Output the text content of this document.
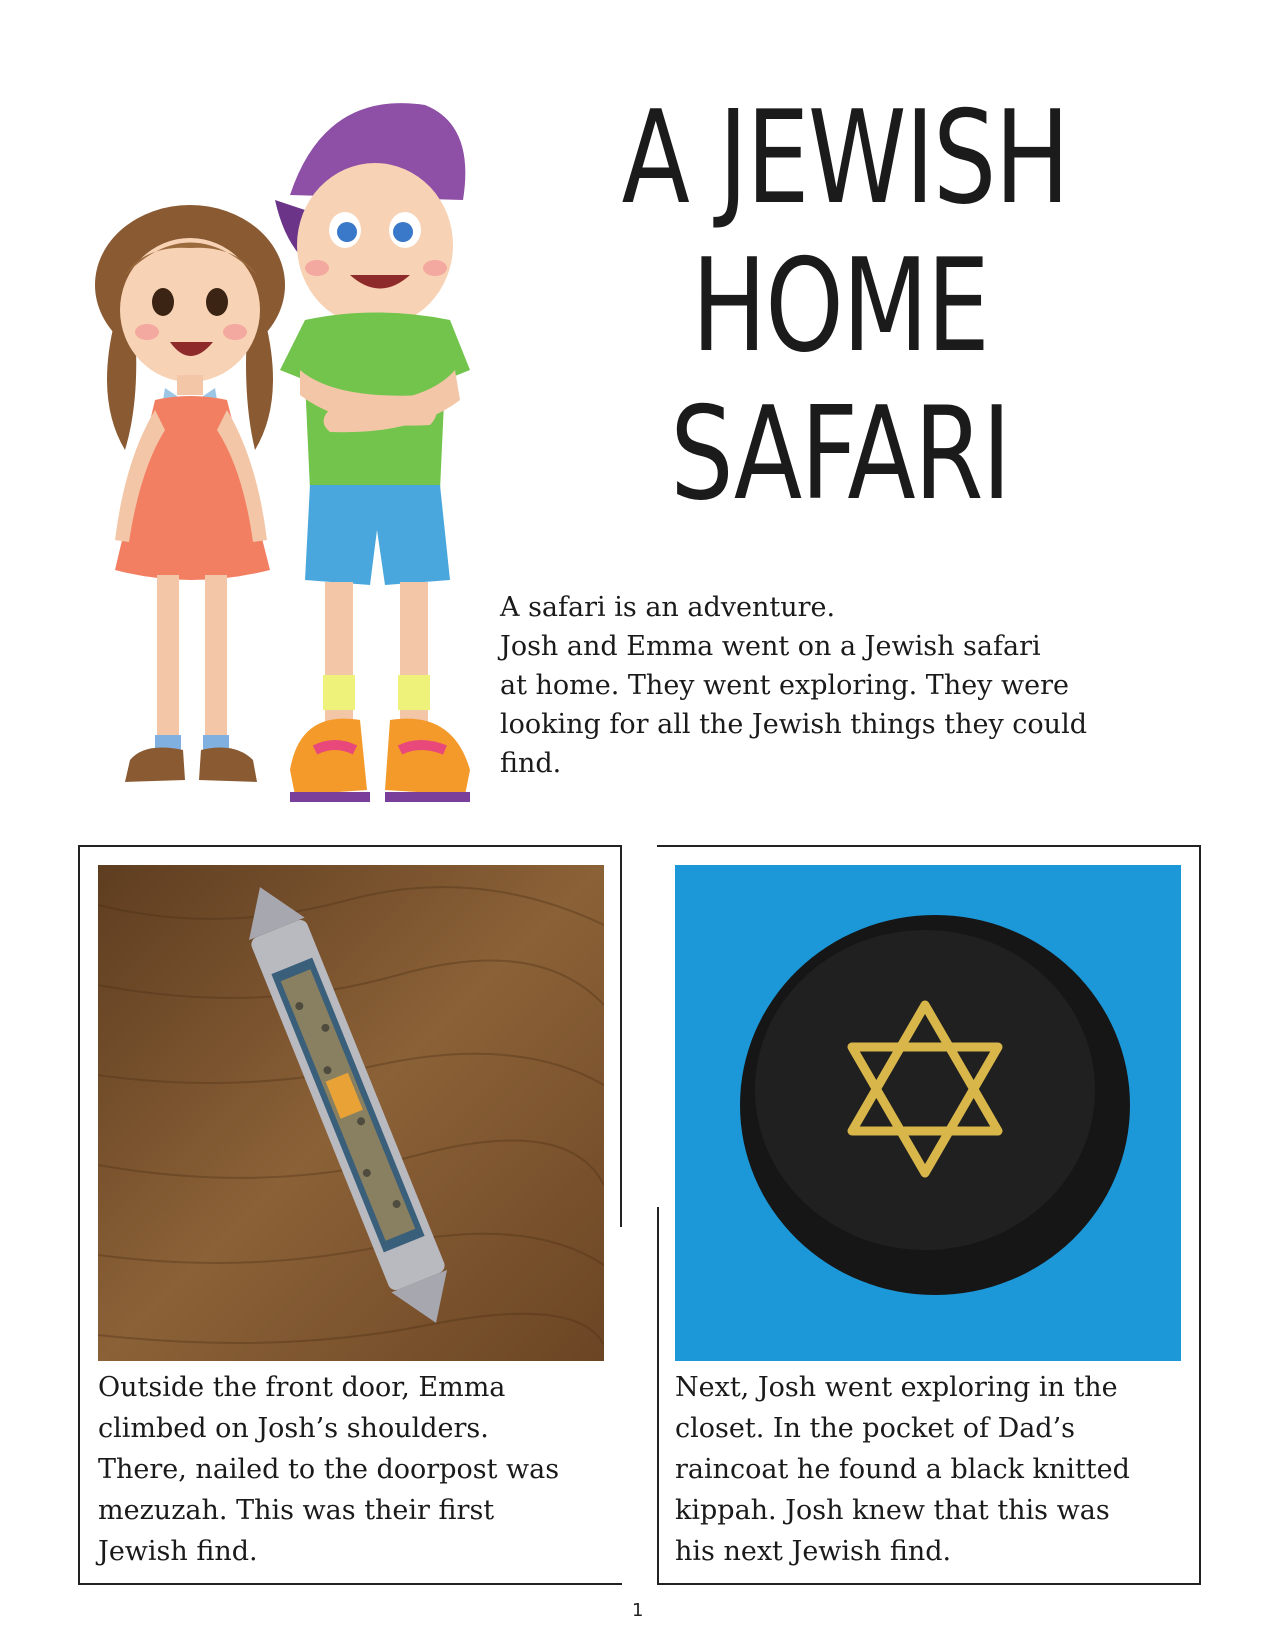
A JEWISH
HOME
SAFARI

A safari is an adventure.
Josh and Emma went on a Jewish safari
at home. They went exploring. They were
looking for all the Jewish things they could
find.

Outside the front door, Emma
climbed on Josh’s shoulders.
There, nailed to the doorpost was
mezuzah. This was their first
Jewish find.

Next, Josh went exploring in the
closet. In the pocket of Dad’s
raincoat he found a black knitted
kippah. Josh knew that this was
his next Jewish find.

1
